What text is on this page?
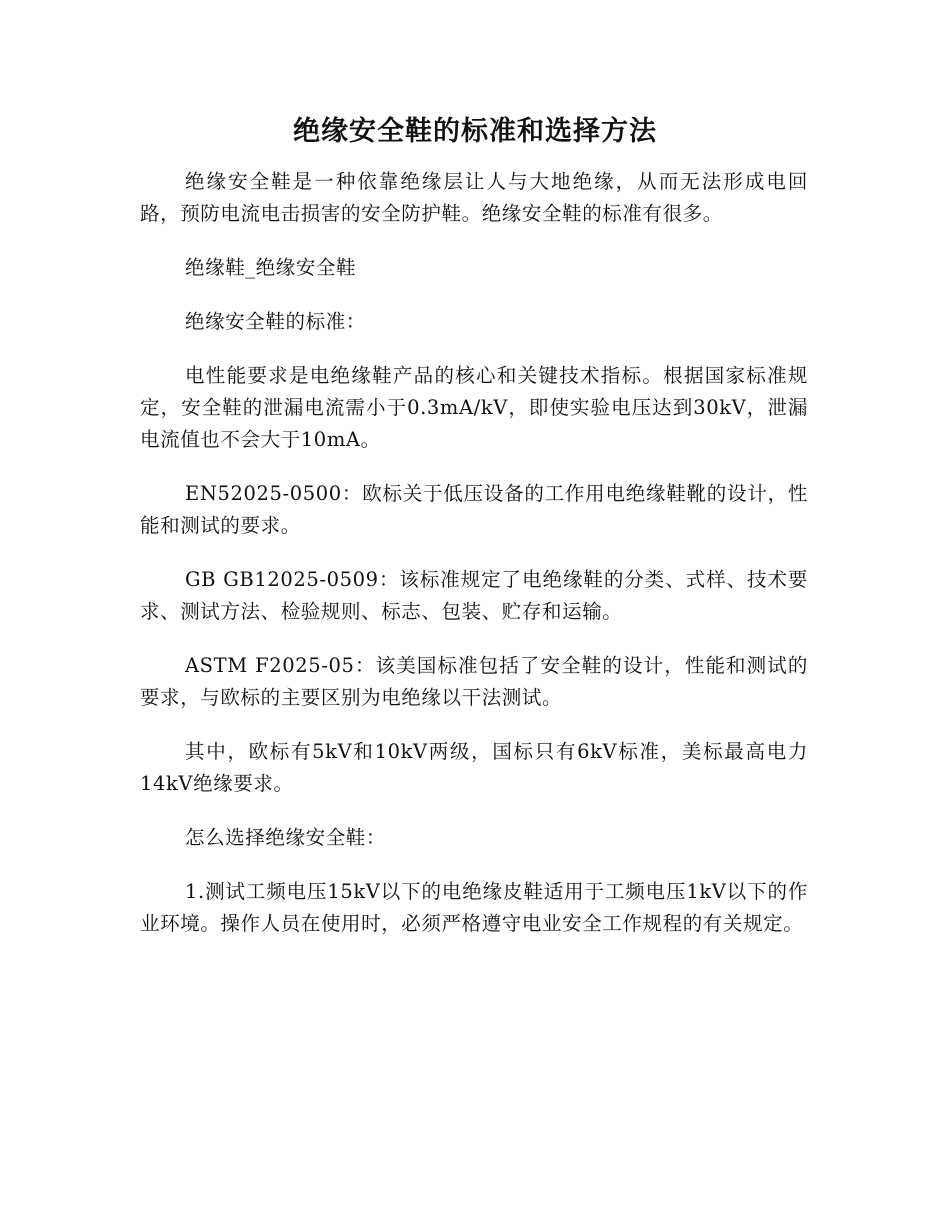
绝缘安全鞋的标准和选择方法

绝缘安全鞋是一种依靠绝缘层让人与大地绝缘，从而无法形成电回路，预防电流电击损害的安全防护鞋。绝缘安全鞋的标准有很多。

绝缘鞋_绝缘安全鞋

绝缘安全鞋的标准：

电性能要求是电绝缘鞋产品的核心和关键技术指标。根据国家标准规定，安全鞋的泄漏电流需小于0.3mA/kV，即使实验电压达到30kV，泄漏电流值也不会大于10mA。

EN52025-0500：欧标关于低压设备的工作用电绝缘鞋靴的设计，性能和测试的要求。

GB GB12025-0509：该标准规定了电绝缘鞋的分类、式样、技术要求、测试方法、检验规则、标志、包装、贮存和运输。

ASTM F2025-05：该美国标准包括了安全鞋的设计，性能和测试的要求，与欧标的主要区别为电绝缘以干法测试。

其中，欧标有5kV和10kV两级，国标只有6kV标准，美标最高电力14kV绝缘要求。

怎么选择绝缘安全鞋：

1.测试工频电压15kV以下的电绝缘皮鞋适用于工频电压1kV以下的作业环境。操作人员在使用时，必须严格遵守电业安全工作规程的有关规定。
